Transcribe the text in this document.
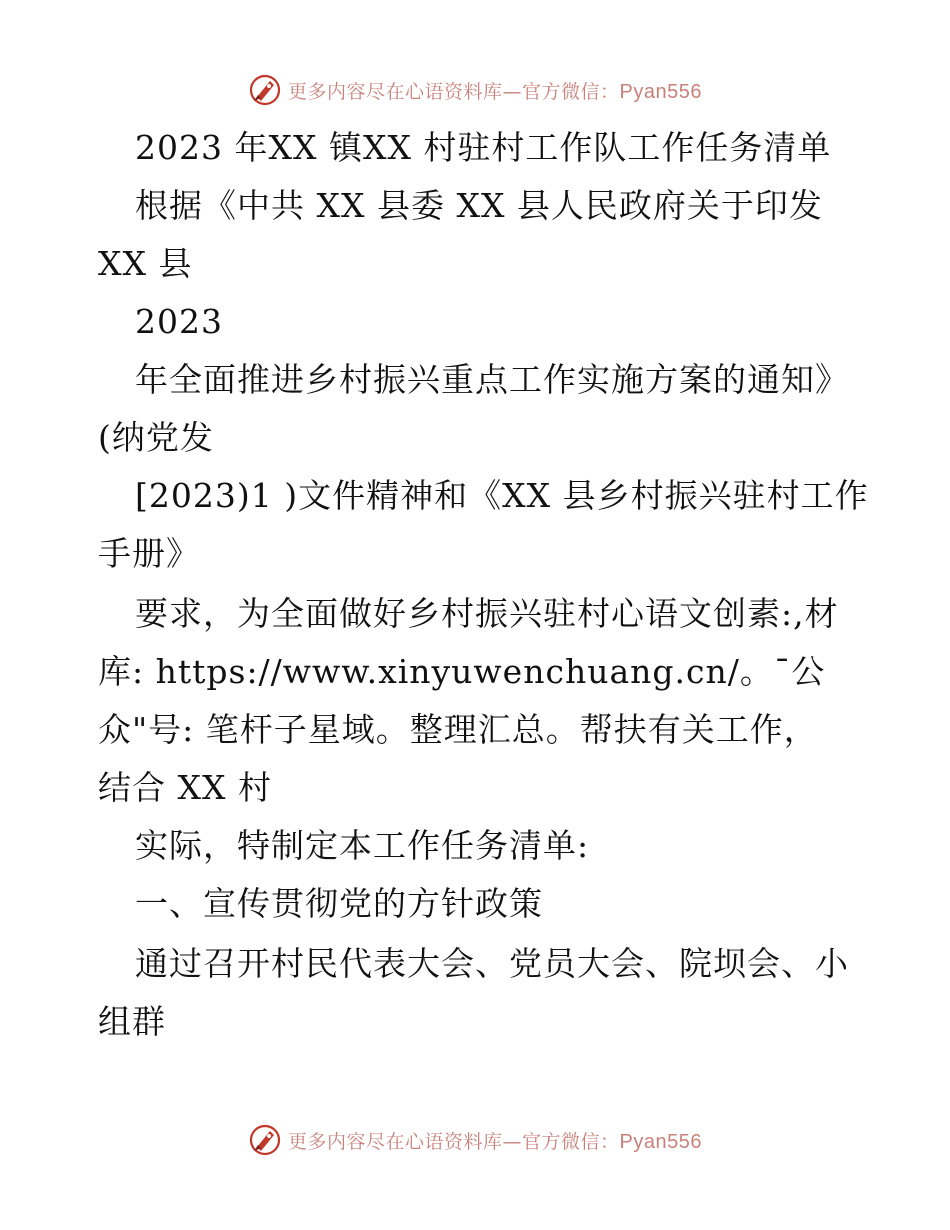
更多内容尽在心语资料库—官方微信：Pyan556
2023 年XX 镇XX 村驻村工作队工作任务清单
根据《中共 XX 县委 XX 县人民政府关于印发
XX 县
2023
年全面推进乡村振兴重点工作实施方案的通知》
(纳党发
[2023)1 )文件精神和《XX 县乡村振兴驻村工作
手册》
要求，为全面做好乡村振兴驻村心语文创素:,材
库: https://www.xinyuwenchuang.cn/。¯公
众"号: 笔杆子星域。整理汇总。帮扶有关工作，
结合 XX 村
实际，特制定本工作任务清单:
一、宣传贯彻党的方针政策
通过召开村民代表大会、党员大会、院坝会、小
组群
更多内容尽在心语资料库—官方微信：Pyan556
